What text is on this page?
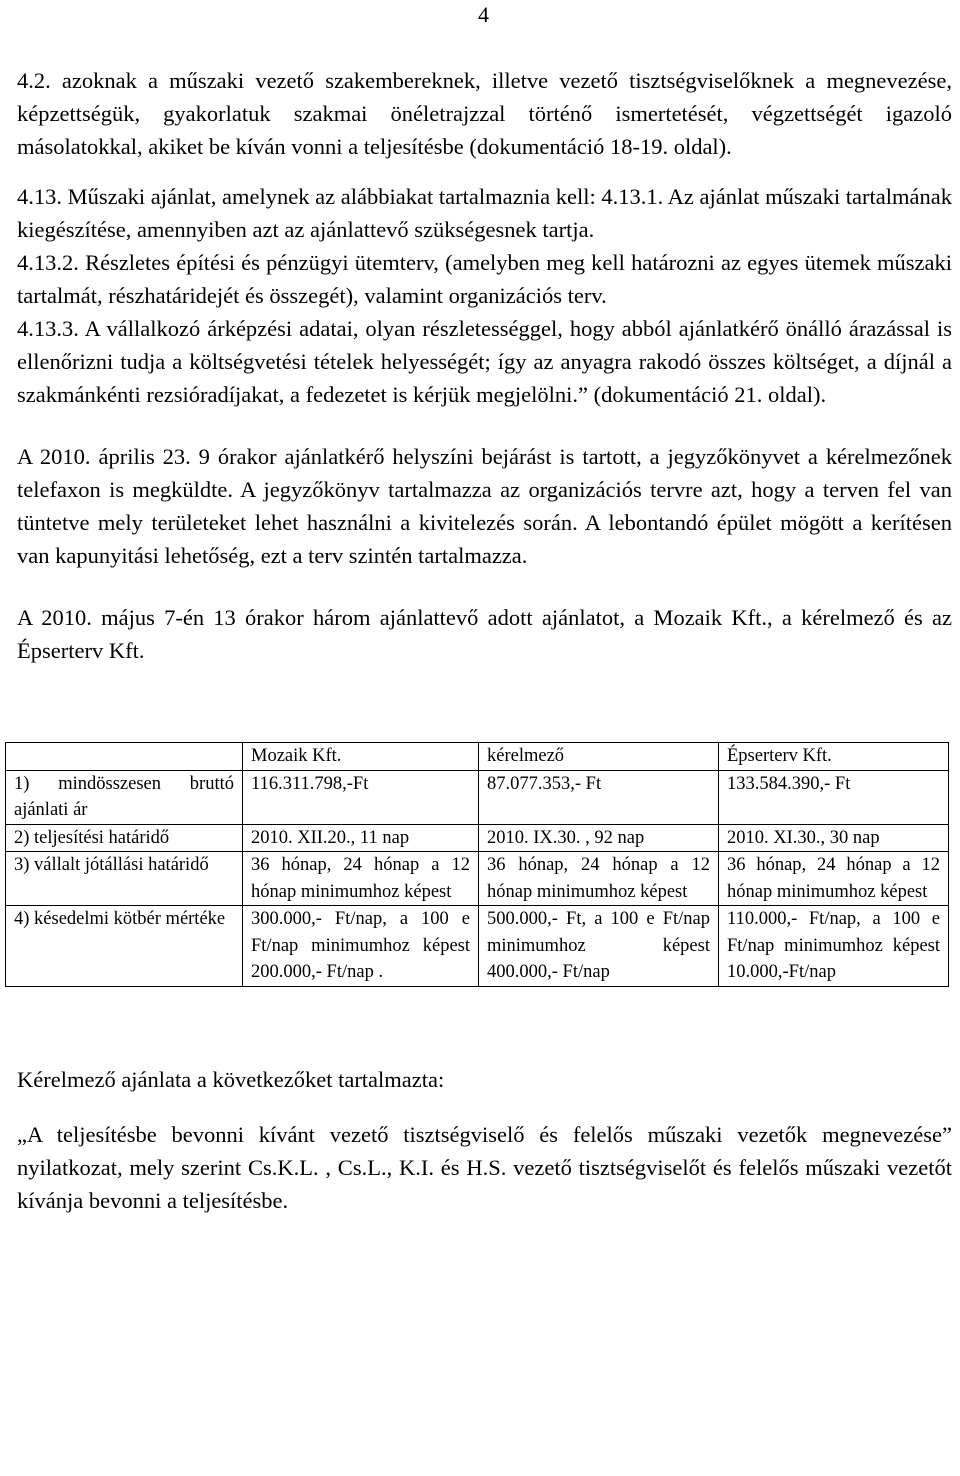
4

4.2. azoknak a műszaki vezető szakembereknek, illetve vezető tisztségviselőknek a megnevezése, képzettségük, gyakorlatuk szakmai önéletrajzzal történő ismertetését, végzettségét igazoló másolatokkal, akiket be kíván vonni a teljesítésbe (dokumentáció 18-19. oldal).

4.13. Műszaki ajánlat, amelynek az alábbiakat tartalmaznia kell: 4.13.1. Az ajánlat műszaki tartalmának kiegészítése, amennyiben azt az ajánlattevő szükségesnek tartja.

4.13.2. Részletes építési és pénzügyi ütemterv, (amelyben meg kell határozni az egyes ütemek műszaki tartalmát, részhatáridejét és összegét), valamint organizációs terv.

4.13.3. A vállalkozó árképzési adatai, olyan részletességgel, hogy abból ajánlatkérő önálló árazással is ellenőrizni tudja a költségvetési tételek helyességét; így az anyagra rakodó összes költséget, a díjnál a szakmánkénti rezsióradíjakat, a fedezetet is kérjük megjelölni.” (dokumentáció 21. oldal).

A 2010. április 23. 9 órakor ajánlatkérő helyszíni bejárást is tartott, a jegyzőkönyvet a kérelmezőnek telefaxon is megküldte. A jegyzőkönyv tartalmazza az organizációs tervre azt, hogy a terven fel van tüntetve mely területeket lehet használni a kivitelezés során. A lebontandó épület mögött a kerítésen van kapunyitási lehetőség, ezt a terv szintén tartalmazza.

A 2010. május 7-én 13 órakor három ajánlattevő adott ajánlatot, a Mozaik Kft., a kérelmező és az Épserterv Kft.

	Mozaik Kft.	kérelmező	Épserterv Kft.
1) mindösszesen bruttó ajánlati ár	116.311.798,-Ft	87.077.353,- Ft	133.584.390,- Ft
2) teljesítési határidő	2010. XII.20., 11 nap	2010. IX.30. , 92 nap	2010. XI.30., 30 nap
3) vállalt jótállási határidő	36 hónap, 24 hónap a 12 hónap minimumhoz képest	36 hónap, 24 hónap a 12 hónap minimumhoz képest	36 hónap, 24 hónap a 12 hónap minimumhoz képest
4) késedelmi kötbér mértéke	300.000,- Ft/nap, a 100 e Ft/nap minimumhoz képest 200.000,- Ft/nap .	500.000,- Ft, a 100 e Ft/nap minimumhoz képest 400.000,- Ft/nap	110.000,- Ft/nap, a 100 e Ft/nap minimumhoz képest 10.000,-Ft/nap

Kérelmező ajánlata a következőket tartalmazta:

„A teljesítésbe bevonni kívánt vezető tisztségviselő és felelős műszaki vezetők megnevezése” nyilatkozat, mely szerint Cs.K.L. , Cs.L., K.I. és H.S. vezető tisztségviselőt és felelős műszaki vezetőt kívánja bevonni a teljesítésbe.
